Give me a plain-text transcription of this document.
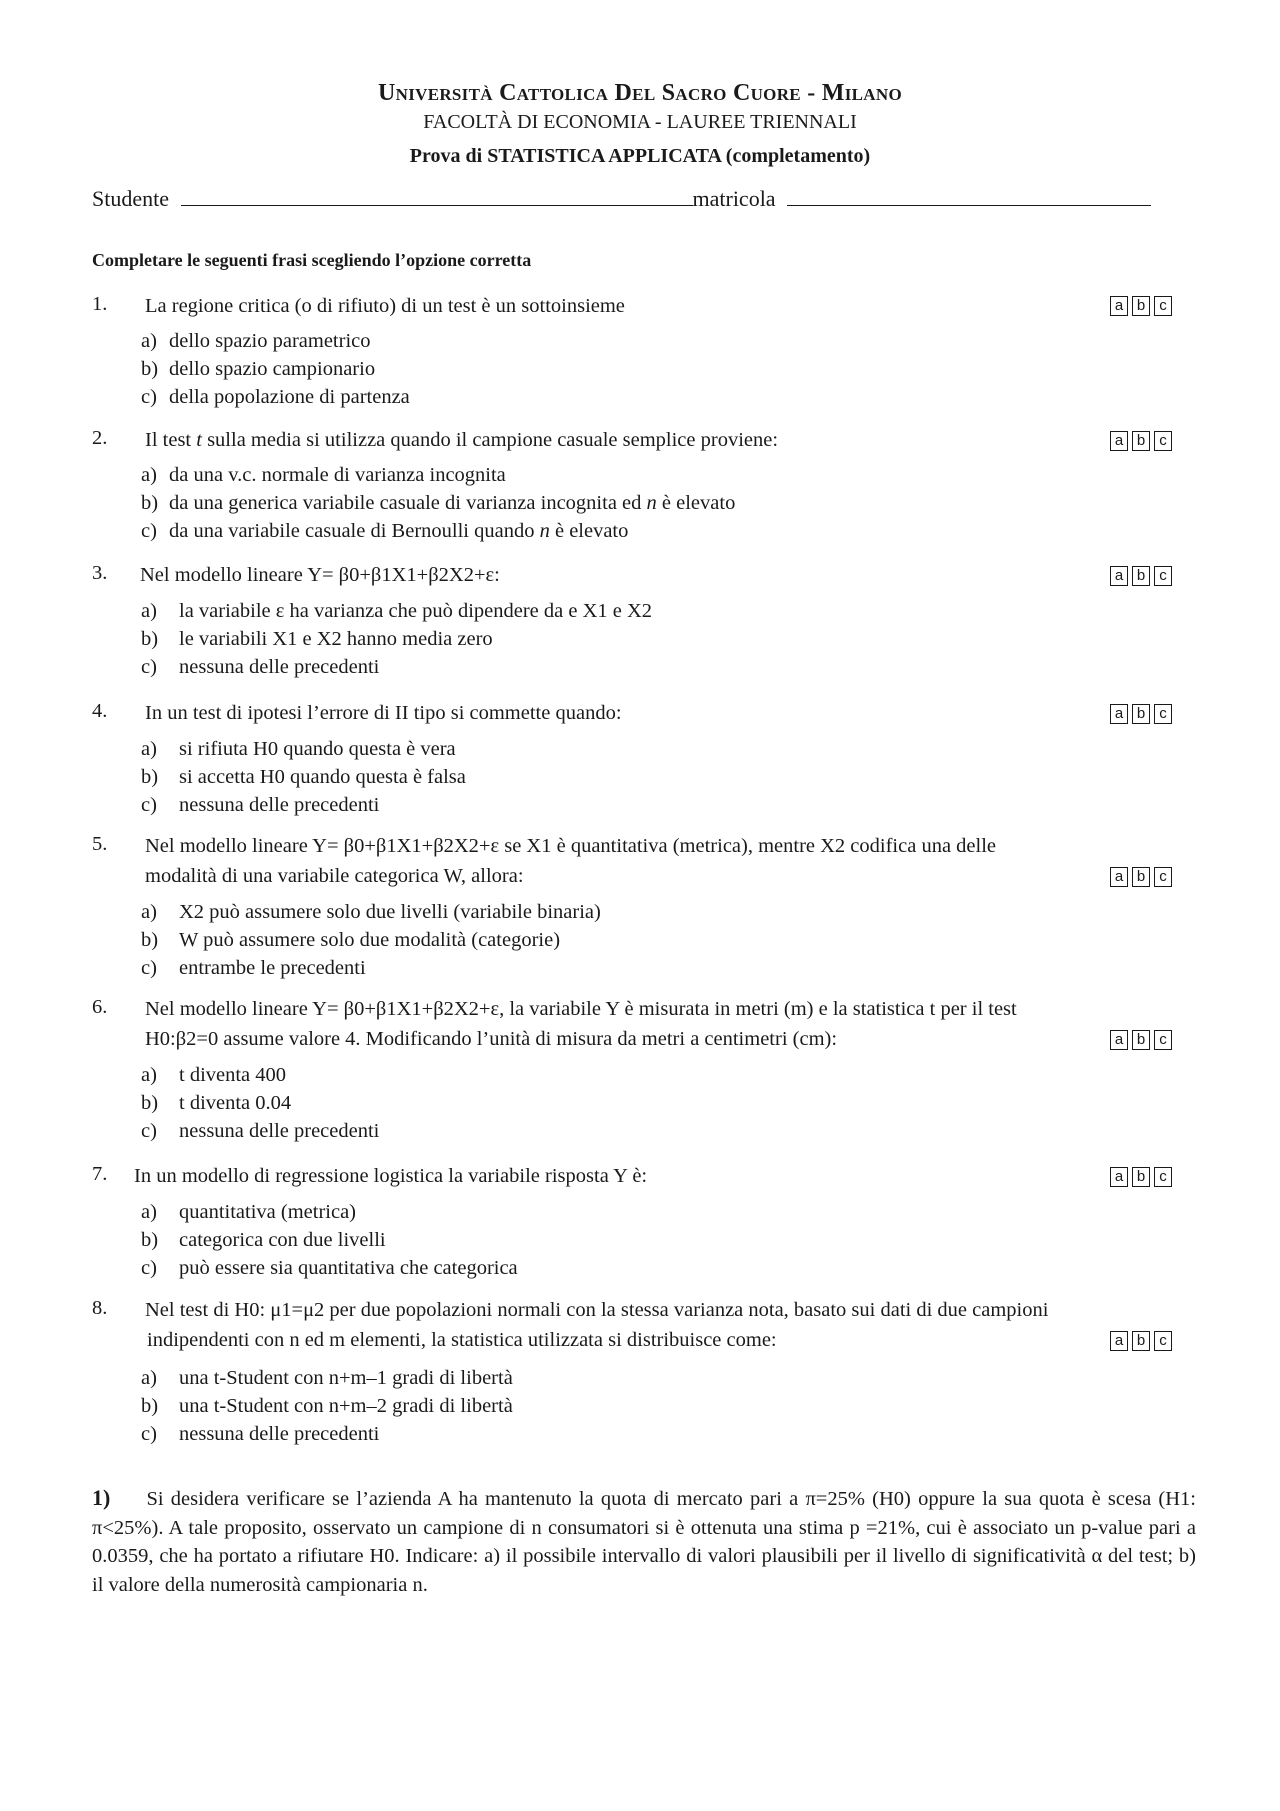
Università Cattolica Del Sacro Cuore - Milano
FACOLTÀ DI ECONOMIA - LAUREE TRIENNALI
Prova di STATISTICA APPLICATA (completamento)
Studente	matricola
Completare le seguenti frasi scegliendo l’opzione corretta
1. La regione critica (o di rifiuto) di un test è un sottoinsieme	a b c
a) dello spazio parametrico
b) dello spazio campionario
c) della popolazione di partenza
2. Il test t sulla media si utilizza quando il campione casuale semplice proviene:	a b c
a) da una v.c. normale di varianza incognita
b) da una generica variabile casuale di varianza incognita ed n è elevato
c) da una variabile casuale di Bernoulli quando n è elevato
3. Nel modello lineare Y= β0+β1X1+β2X2+ε:	a b c
a) la variabile ε ha varianza che può dipendere da e X1 e X2
b) le variabili X1 e X2 hanno media zero
c) nessuna delle precedenti
4. In un test di ipotesi l’errore di II tipo si commette quando:	a b c
a) si rifiuta H0 quando questa è vera
b) si accetta H0 quando questa è falsa
c) nessuna delle precedenti
5. Nel modello lineare Y= β0+β1X1+β2X2+ε se X1 è quantitativa (metrica), mentre X2 codifica una delle
modalità di una variabile categorica W, allora:	a b c
a) X2 può assumere solo due livelli (variabile binaria)
b) W può assumere solo due modalità (categorie)
c) entrambe le precedenti
6. Nel modello lineare Y= β0+β1X1+β2X2+ε, la variabile Y è misurata in metri (m) e la statistica t per il test
H0:β2=0 assume valore 4. Modificando l’unità di misura da metri a centimetri (cm):	a b c
a) t diventa 400
b) t diventa 0.04
c) nessuna delle precedenti
7. In un modello di regressione logistica la variabile risposta Y è:	a b c
a) quantitativa (metrica)
b) categorica con due livelli
c) può essere sia quantitativa che categorica
8. Nel test di H0: μ1=μ2 per due popolazioni normali con la stessa varianza nota, basato sui dati di due campioni
indipendenti con n ed m elementi, la statistica utilizzata si distribuisce come:	a b c
a) una t-Student con n+m–1 gradi di libertà
b) una t-Student con n+m–2 gradi di libertà
c) nessuna delle precedenti
1) Si desidera verificare se l’azienda A ha mantenuto la quota di mercato pari a π=25% (H0) oppure la sua quota è scesa (H1: π<25%). A tale proposito, osservato un campione di n consumatori si è ottenuta una stima p =21%, cui è associato un p-value pari a 0.0359, che ha portato a rifiutare H0. Indicare: a) il possibile intervallo di valori plausibili per il livello di significatività α del test; b) il valore della numerosità campionaria n.
